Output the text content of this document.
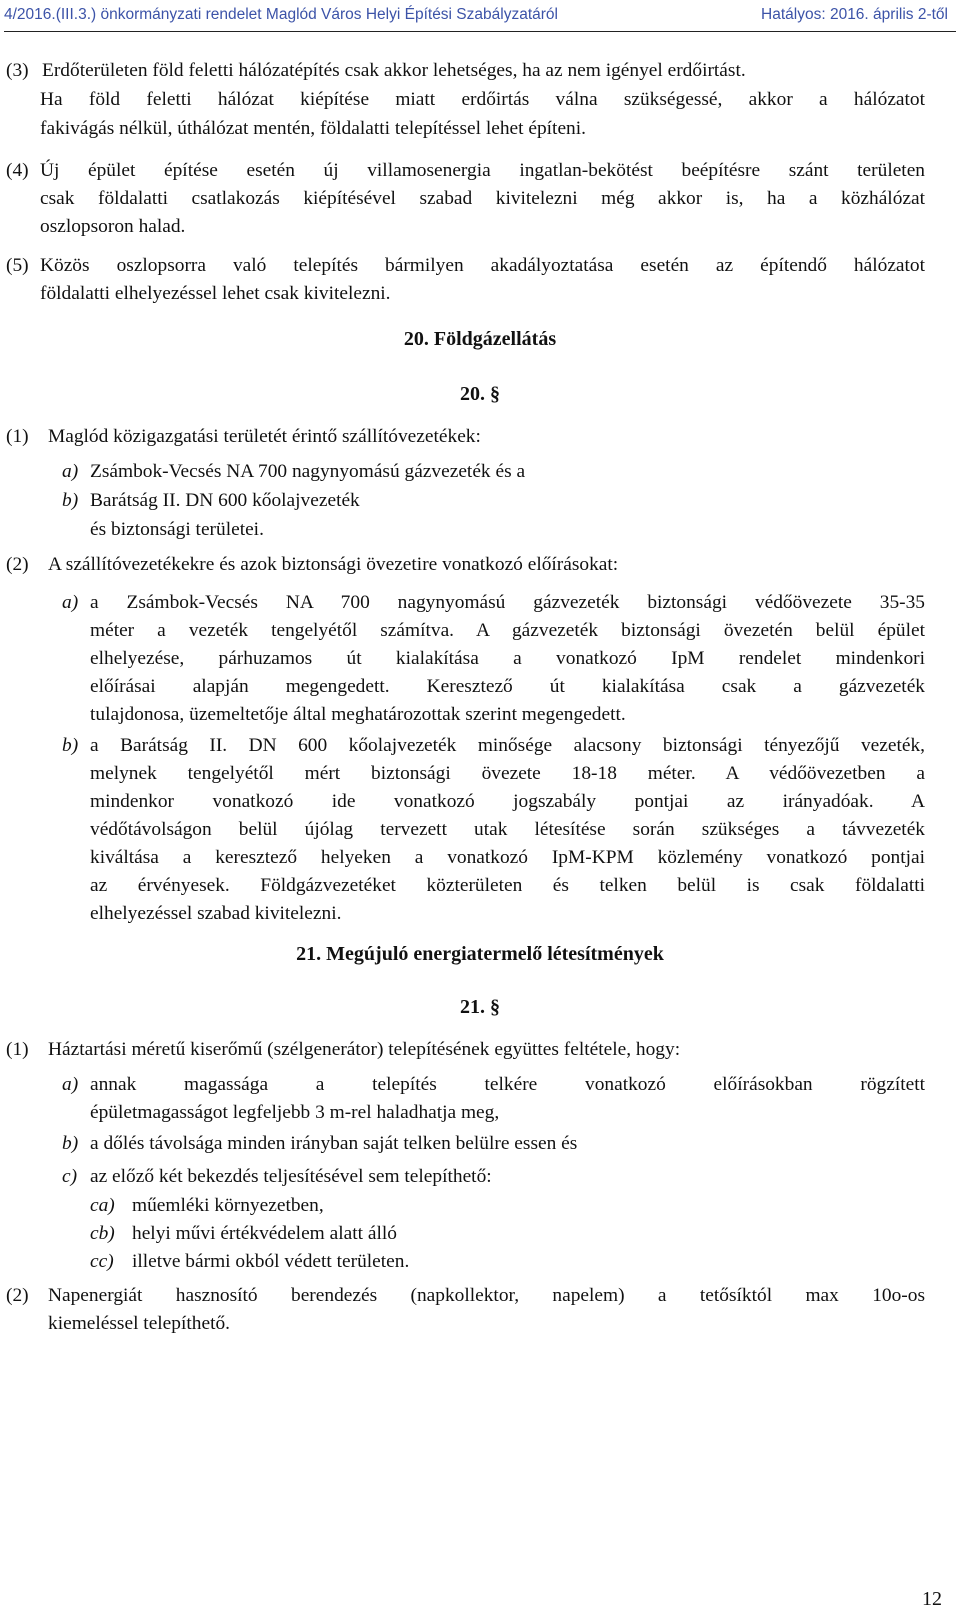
4/2016.(III.3.) önkormányzati rendelet Maglód Város Helyi Építési Szabályzatáról	Hatályos: 2016. április 2-től
(3) Erdőterületen föld feletti hálózatépítés csak akkor lehetséges, ha az nem igényel erdőirtást.
Ha föld feletti hálózat kiépítése miatt erdőirtás válna szükségessé, akkor a hálózatot
fakivágás nélkül, úthálózat mentén, földalatti telepítéssel lehet építeni.
(4) Új épület építése esetén új villamosenergia ingatlan-bekötést beépítésre szánt területen
csak földalatti csatlakozás kiépítésével szabad kivitelezni még akkor is, ha a közhálózat
oszlopsoron halad.
(5) Közös oszlopsorra való telepítés bármilyen akadályoztatása esetén az építendő hálózatot
földalatti elhelyezéssel lehet csak kivitelezni.
20. Földgázellátás
20. §
(1) Maglód közigazgatási területét érintő szállítóvezetékek:
a) Zsámbok-Vecsés NA 700 nagynyomású gázvezeték és a
b) Barátság II. DN 600 kőolajvezeték
és biztonsági területei.
(2) A szállítóvezetékekre és azok biztonsági övezetire vonatkozó előírásokat:
a) a Zsámbok-Vecsés NA 700 nagynyomású gázvezeték biztonsági védőövezete 35-35
méter a vezeték tengelyétől számítva. A gázvezeték biztonsági övezetén belül épület
elhelyezése, párhuzamos út kialakítása a vonatkozó IpM rendelet mindenkori
előírásai alapján megengedett. Keresztező út kialakítása csak a gázvezeték
tulajdonosa, üzemeltetője által meghatározottak szerint megengedett.
b) a Barátság II. DN 600 kőolajvezeték minősége alacsony biztonsági tényezőjű vezeték,
melynek tengelyétől mért biztonsági övezete 18-18 méter. A védőövezetben a
mindenkor vonatkozó ide vonatkozó jogszabály pontjai az irányadóak. A
védőtávolságon belül újólag tervezett utak létesítése során szükséges a távvezeték
kiváltása a keresztező helyeken a vonatkozó IpM-KPM közlemény vonatkozó pontjai
az érvényesek. Földgázvezetéket közterületen és telken belül is csak földalatti
elhelyezéssel szabad kivitelezni.
21. Megújuló energiatermelő létesítmények
21. §
(1) Háztartási méretű kiserőmű (szélgenerátor) telepítésének együttes feltétele, hogy:
a) annak magassága a telepítés telkére vonatkozó előírásokban rögzített
épületmagasságot legfeljebb 3 m-rel haladhatja meg,
b) a dőlés távolsága minden irányban saját telken belülre essen és
c) az előző két bekezdés teljesítésével sem telepíthető:
ca) műemléki környezetben,
cb) helyi művi értékvédelem alatt álló
cc) illetve bármi okból védett területen.
(2) Napenergiát hasznosító berendezés (napkollektor, napelem) a tetősíktól max 10o-os
kiemeléssel telepíthető.
12
